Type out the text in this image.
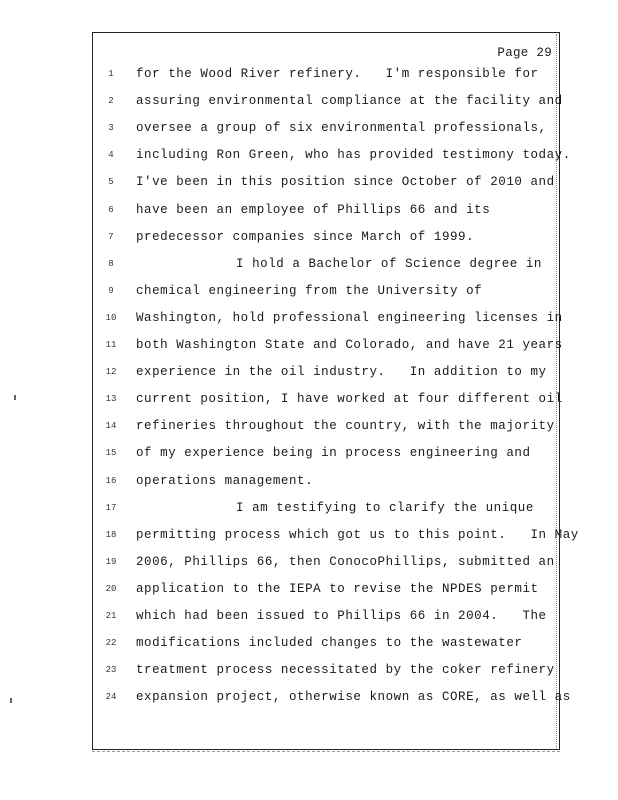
Page 29
1	for the Wood River refinery.   I'm responsible for
2	assuring environmental compliance at the facility and
3	oversee a group of six environmental professionals,
4	including Ron Green, who has provided testimony today.
5	I've been in this position since October of 2010 and
6	have been an employee of Phillips 66 and its
7	predecessor companies since March of 1999.
8	I hold a Bachelor of Science degree in
9	chemical engineering from the University of
10	Washington, hold professional engineering licenses in
11	both Washington State and Colorado, and have 21 years
12	experience in the oil industry.   In addition to my
13	current position, I have worked at four different oil
14	refineries throughout the country, with the majority
15	of my experience being in process engineering and
16	operations management.
17	I am testifying to clarify the unique
18	permitting process which got us to this point.   In May
19	2006, Phillips 66, then ConocoPhillips, submitted an
20	application to the IEPA to revise the NPDES permit
21	which had been issued to Phillips 66 in 2004.   The
22	modifications included changes to the wastewater
23	treatment process necessitated by the coker refinery
24	expansion project, otherwise known as CORE, as well as
